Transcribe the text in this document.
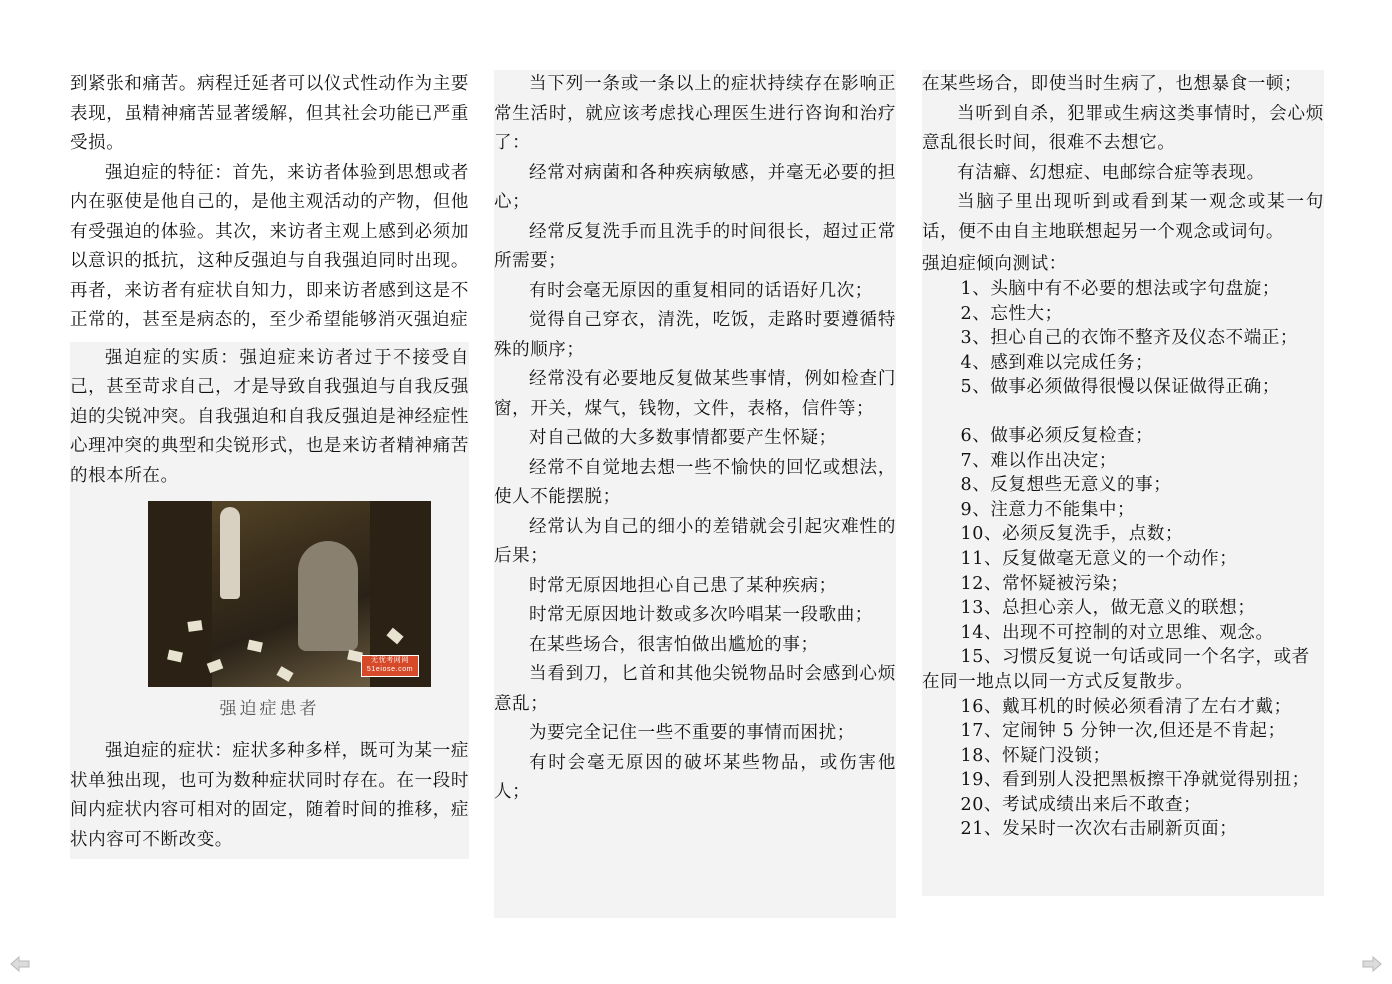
到紧张和痛苦。病程迁延者可以仪式性动作为主要表现，虽精神痛苦显著缓解，但其社会功能已严重受损。

强迫症的特征：首先，来访者体验到思想或者内在驱使是他自己的，是他主观活动的产物，但他有受强迫的体验。其次，来访者主观上感到必须加以意识的抵抗，这种反强迫与自我强迫同时出现。再者，来访者有症状自知力，即来访者感到这是不正常的，甚至是病态的，至少希望能够消灭强迫症

强迫症的实质：强迫症来访者过于不接受自己，甚至苛求自己，才是导致自我强迫与自我反强迫的尖锐冲突。自我强迫和自我反强迫是神经症性心理冲突的典型和尖锐形式，也是来访者精神痛苦的根本所在。

无忧考网网 51eiose.com
强迫症患者

强迫症的症状：症状多种多样，既可为某一症状单独出现，也可为数种症状同时存在。在一段时间内症状内容可相对的固定，随着时间的推移，症状内容可不断改变。

当下列一条或一条以上的症状持续存在影响正常生活时，就应该考虑找心理医生进行咨询和治疗了：

经常对病菌和各种疾病敏感，并毫无必要的担心；

经常反复洗手而且洗手的时间很长，超过正常所需要；

有时会毫无原因的重复相同的话语好几次；

觉得自己穿衣，清洗，吃饭，走路时要遵循特殊的顺序；

经常没有必要地反复做某些事情，例如检查门窗，开关，煤气，钱物，文件，表格，信件等；

对自己做的大多数事情都要产生怀疑；

经常不自觉地去想一些不愉快的回忆或想法，使人不能摆脱；

经常认为自己的细小的差错就会引起灾难性的后果；

时常无原因地担心自己患了某种疾病；

时常无原因地计数或多次吟唱某一段歌曲；

在某些场合，很害怕做出尴尬的事；

当看到刀，匕首和其他尖锐物品时会感到心烦意乱；

为要完全记住一些不重要的事情而困扰；

有时会毫无原因的破坏某些物品，或伤害他人；

在某些场合，即使当时生病了，也想暴食一顿；

当听到自杀，犯罪或生病这类事情时，会心烦意乱很长时间，很难不去想它。

有洁癖、幻想症、电邮综合症等表现。

当脑子里出现听到或看到某一观念或某一句话，便不由自主地联想起另一个观念或词句。

强迫症倾向测试：

1、头脑中有不必要的想法或字句盘旋；
2、忘性大；
3、担心自己的衣饰不整齐及仪态不端正；
4、感到难以完成任务；
5、做事必须做得很慢以保证做得正确；
6、做事必须反复检查；
7、难以作出决定；
8、反复想些无意义的事；
9、注意力不能集中；
10、必须反复洗手，点数；
11、反复做毫无意义的一个动作；
12、常怀疑被污染；
13、总担心亲人，做无意义的联想；
14、出现不可控制的对立思维、观念。
15、习惯反复说一句话或同一个名字，或者在同一地点以同一方式反复散步。
16、戴耳机的时候必须看清了左右才戴；
17、定闹钟 5 分钟一次,但还是不肯起；
18、怀疑门没锁；
19、看到别人没把黑板擦干净就觉得别扭；
20、考试成绩出来后不敢查；
21、发呆时一次次右击刷新页面；
